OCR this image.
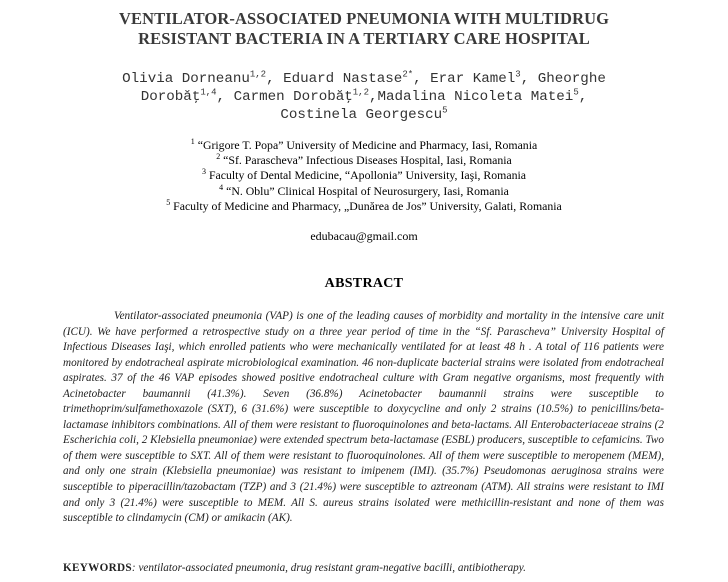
VENTILATOR-ASSOCIATED PNEUMONIA WITH MULTIDRUG
RESISTANT BACTERIA IN A TERTIARY CARE HOSPITAL
Olivia Dorneanu$^{1,2}$, Eduard Nastase$^{2*}$, Erar Kamel$^3$, Gheorghe
Dorobăţ$^{1,4}$, Carmen Dorobăţ$^{1,2}$,Madalina Nicoleta Matei$^5$,
Costinela Georgescu$^5$
$^1$ “Grigore T. Popa” University of Medicine and Pharmacy, Iasi, Romania
$^2$ “Sf. Parascheva” Infectious Diseases Hospital, Iasi, Romania
$^3$ Faculty of Dental Medicine, “Apollonia” University, Iaşi, Romania
$^4$ “N. Oblu” Clinical Hospital of Neurosurgery, Iasi, Romania
$^5$ Faculty of Medicine and Pharmacy, „Dunărea de Jos” University, Galati, Romania
edubacau@gmail.com
ABSTRACT
Ventilator-associated pneumonia (VAP) is one of the leading causes of morbidity and mortality in the intensive care unit (ICU). We have performed a retrospective study on a three year period of time in the “Sf. Parascheva” University Hospital of Infectious Diseases Iaşi, which enrolled patients who were mechanically ventilated for at least 48 h . A total of 116 patients were monitored by endotracheal aspirate microbiological examination. 46 non-duplicate bacterial strains were isolated from endotracheal aspirates. 37 of the 46 VAP episodes showed positive endotracheal culture with Gram negative organisms, most frequently with Acinetobacter baumannii (41.3%). Seven (36.8%) Acinetobacter baumannii strains were susceptible to trimethoprim/sulfamethoxazole (SXT), 6 (31.6%) were susceptible to doxycycline and only 2 strains (10.5%) to penicillins/beta-lactamase inhibitors combinations. All of them were resistant to fluoroquinolones and beta-lactams. All Enterobacteriaceae strains (2 Escherichia coli, 2 Klebsiella pneumoniae) were extended spectrum beta-lactamase (ESBL) producers, susceptible to cefamicins. Two of them were susceptible to SXT. All of them were resistant to fluoroquinolones. All of them were susceptible to meropenem (MEM), and only one strain (Klebsiella pneumoniae) was resistant to imipenem (IMI). (35.7%) Pseudomonas aeruginosa strains were susceptible to piperacillin/tazobactam (TZP) and 3 (21.4%) were susceptible to aztreonam (ATM). All strains were resistant to IMI and only 3 (21.4%) were susceptible to MEM. All S. aureus strains isolated were methicillin-resistant and none of them was susceptible to clindamycin (CM) or amikacin (AK).
KEYWORDS: ventilator-associated pneumonia, drug resistant gram-negative bacilli, antibiotherapy.
